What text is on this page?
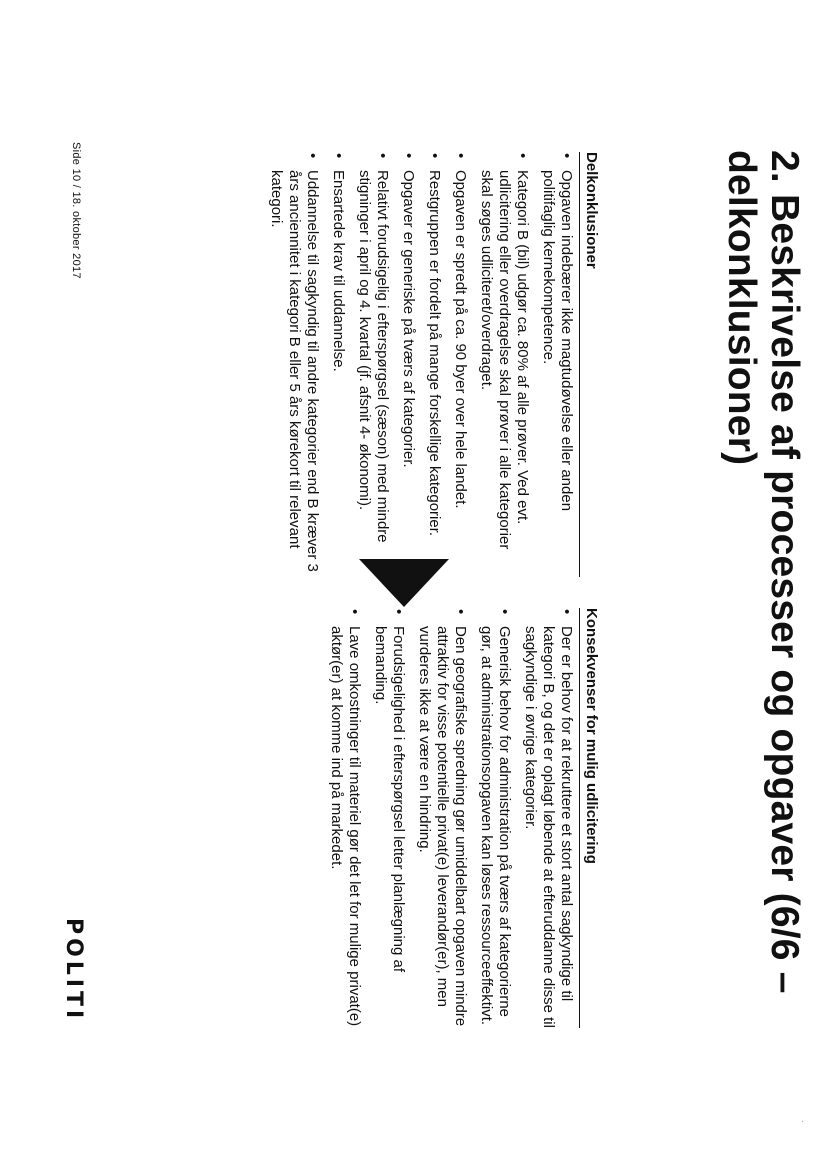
2. Beskrivelse af processer og opgaver (6/6 – delkonklusioner)
Delkonklusioner
• Opgaven indebærer ikke magtudøvelse eller anden politifaglig kernekompetence.
• Kategori B (bil) udgør ca. 80% af alle prøver. Ved evt. udlicitering eller overdragelse skal prøver i alle kategorier skal søges udliciteret/overdraget.
• Opgaven er spredt på ca. 90 byer over hele landet.
• Restgruppen er fordelt på mange forskellige kategorier.
• Opgaver er generiske på tværs af kategorier.
• Relativt forudsigelig i efterspørgsel (sæson) med mindre stigninger i april og 4. kvartal (jf. afsnit 4- økonomi).
• Ensartede krav til uddannelse.
• Uddannelse til sagkyndig til andre kategorier end B kræver 3 års anciennitet i kategori B eller 5 års kørekort til relevant kategori.
Konsekvenser for mulig udlicitering
• Der er behov for at rekruttere et stort antal sagkyndige til kategori B, og det er oplagt løbende at efteruddanne disse til sagkyndige i øvrige kategorier.
• Generisk behov for administration på tværs af kategorierne gør, at administrationsopgaven kan løses ressourceeffektivt.
• Den geografiske spredning gør umiddelbart opgaven mindre attraktiv for visse potentielle privat(e) leverandør(er), men vurderes ikke at være en hindring.
• Forudsigelighed i efterspørgsel letter planlægning af bemanding.
• Lave omkostninger til materiel gør det let for mulige privat(e) aktør(er) at komme ind på markedet.
Side 10 / 18. oktober 2017
POLITI
·
